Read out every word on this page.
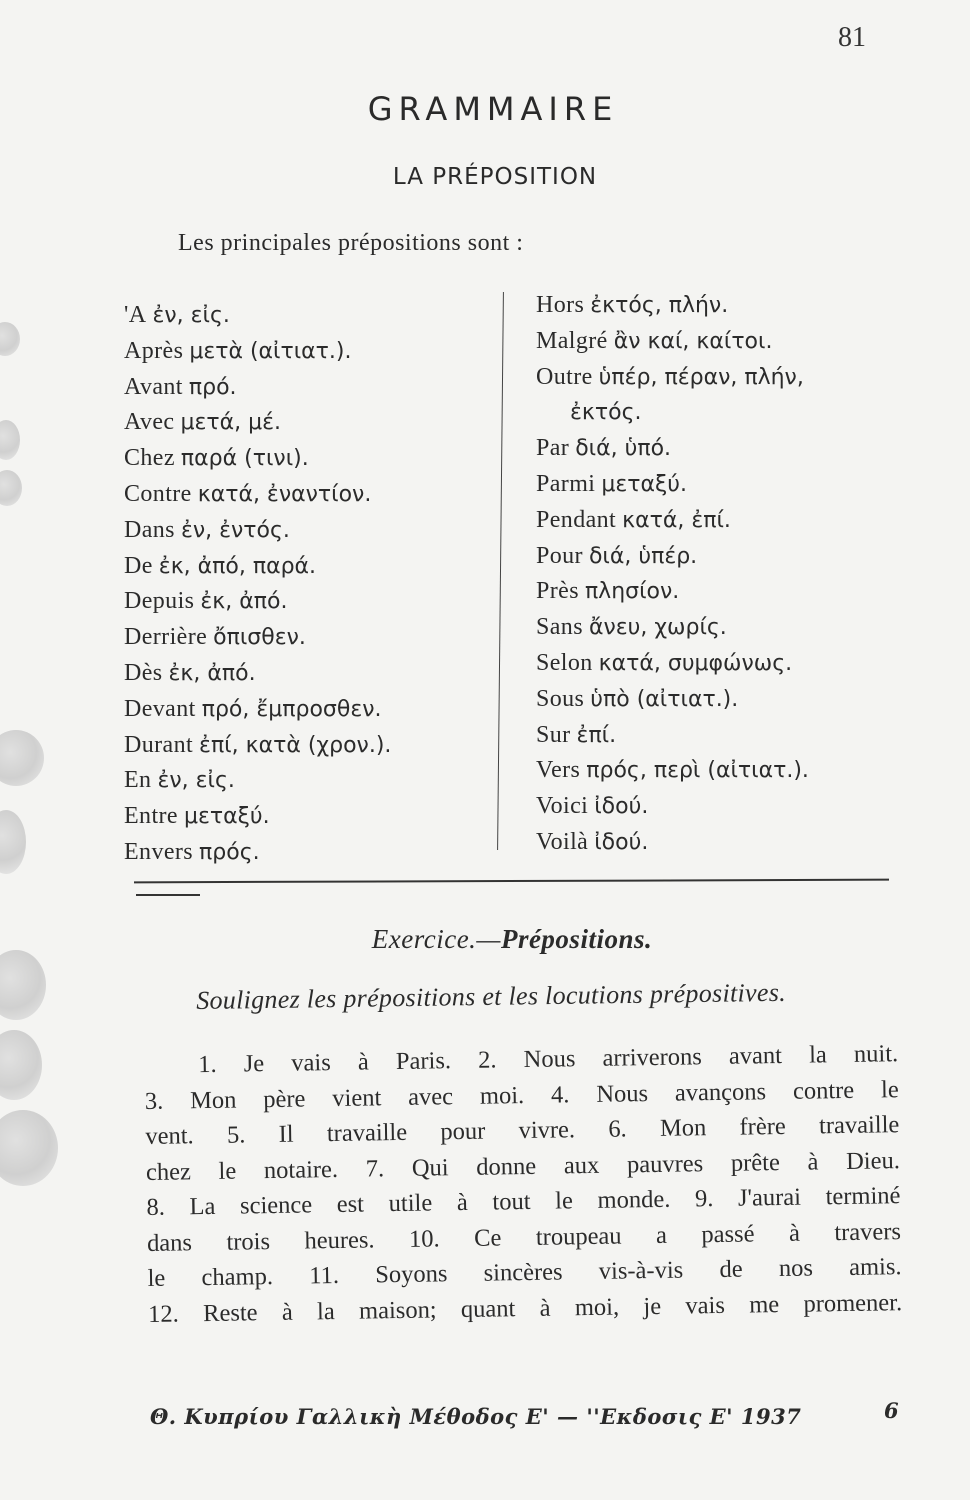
81
GRAMMAIRE
LA PRÉPOSITION
Les principales prépositions sont :
'A ἐν, εἰς.
Après μετὰ (αἰτιατ.).
Avant πρό.
Avec μετά, μέ.
Chez παρά (τινι).
Contre κατά, ἐναντίον.
Dans ἐν, ἐντός.
De ἐκ, ἀπό, παρά.
Depuis ἐκ, ἀπό.
Derrière ὄπισθεν.
Dès ἐκ, ἀπό.
Devant πρό, ἔμπροσθεν.
Durant ἐπί, κατὰ (χρον.).
En ἐν, εἰς.
Entre μεταξύ.
Envers πρός.
Hors ἐκτός, πλήν.
Malgré ἂν καί, καίτοι.
Outre ὑπέρ, πέραν, πλήν,
ἐκτός.
Par διά, ὑπό.
Parmi μεταξύ.
Pendant κατά, ἐπί.
Pour διά, ὑπέρ.
Près πλησίον.
Sans ἄνευ, χωρίς.
Selon κατά, συμφώνως.
Sous ὑπὸ (αἰτιατ.).
Sur ἐπί.
Vers πρός, περὶ (αἰτιατ.).
Voici ἰδού.
Voilà ἰδού.
Exercice.—Prépositions.
Soulignez les prépositions et les locutions prépositives.
1. Je vais à Paris. 2. Nous arriverons avant la nuit.
3. Mon père vient avec moi. 4. Nous avançons contre le
vent. 5. Il travaille pour vivre. 6. Mon frère travaille
chez le notaire. 7. Qui donne aux pauvres prête à Dieu.
8. La science est utile à tout le monde. 9. J'aurai terminé
dans trois heures. 10. Ce troupeau a passé à travers
le champ. 11. Soyons sincères vis-à-vis de nos amis.
12. Reste à la maison; quant à moi, je vais me promener.
Θ. Κυπρίου Γαλλικὴ Μέθοδος Ε' — ''Εκδοσις Ε' 1937	6
